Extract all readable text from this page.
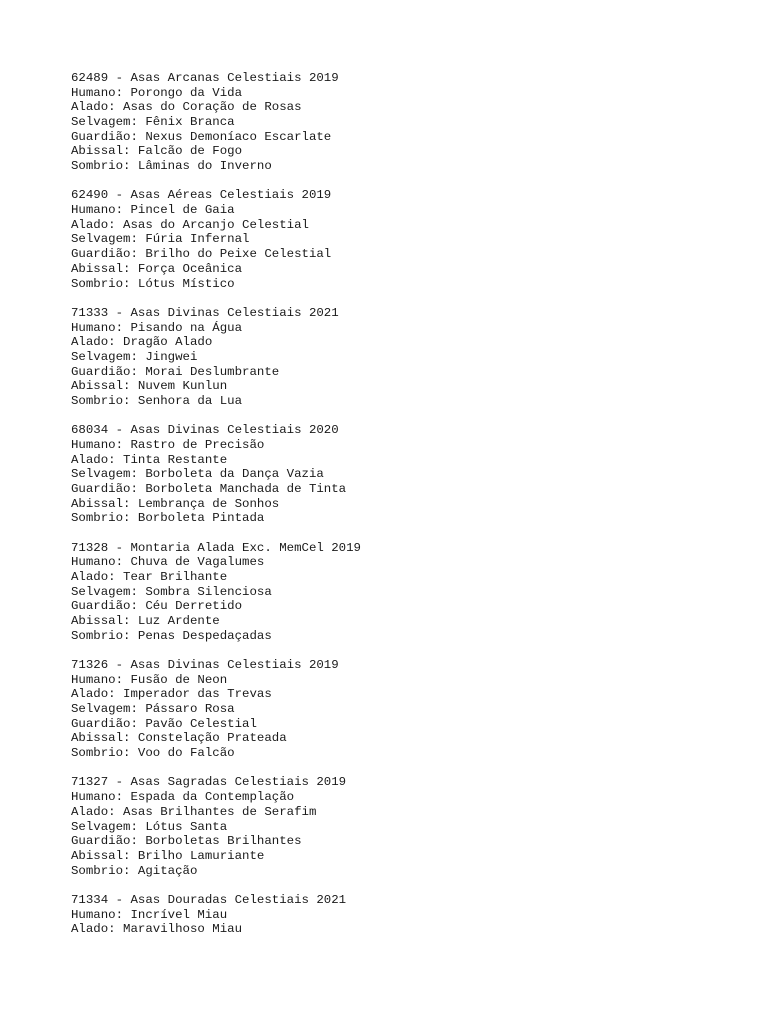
62489 - Asas Arcanas Celestiais 2019
Humano: Porongo da Vida
Alado: Asas do Coração de Rosas
Selvagem: Fênix Branca
Guardião: Nexus Demoníaco Escarlate
Abissal: Falcão de Fogo
Sombrio: Lâminas do Inverno
62490 - Asas Aéreas Celestiais 2019
Humano: Pincel de Gaia
Alado: Asas do Arcanjo Celestial
Selvagem: Fúria Infernal
Guardião: Brilho do Peixe Celestial
Abissal: Força Oceânica
Sombrio: Lótus Místico
71333 - Asas Divinas Celestiais 2021
Humano: Pisando na Água
Alado: Dragão Alado
Selvagem: Jingwei
Guardião: Morai Deslumbrante
Abissal: Nuvem Kunlun
Sombrio: Senhora da Lua
68034 - Asas Divinas Celestiais 2020
Humano: Rastro de Precisão
Alado: Tinta Restante
Selvagem: Borboleta da Dança Vazia
Guardião: Borboleta Manchada de Tinta
Abissal: Lembrança de Sonhos
Sombrio: Borboleta Pintada
71328 - Montaria Alada Exc. MemCel 2019
Humano: Chuva de Vagalumes
Alado: Tear Brilhante
Selvagem: Sombra Silenciosa
Guardião: Céu Derretido
Abissal: Luz Ardente
Sombrio: Penas Despedaçadas
71326 - Asas Divinas Celestiais 2019
Humano: Fusão de Neon
Alado: Imperador das Trevas
Selvagem: Pássaro Rosa
Guardião: Pavão Celestial
Abissal: Constelação Prateada
Sombrio: Voo do Falcão
71327 - Asas Sagradas Celestiais 2019
Humano: Espada da Contemplação
Alado: Asas Brilhantes de Serafim
Selvagem: Lótus Santa
Guardião: Borboletas Brilhantes
Abissal: Brilho Lamuriante
Sombrio: Agitação
71334 - Asas Douradas Celestiais 2021
Humano: Incrível Miau
Alado: Maravilhoso Miau
